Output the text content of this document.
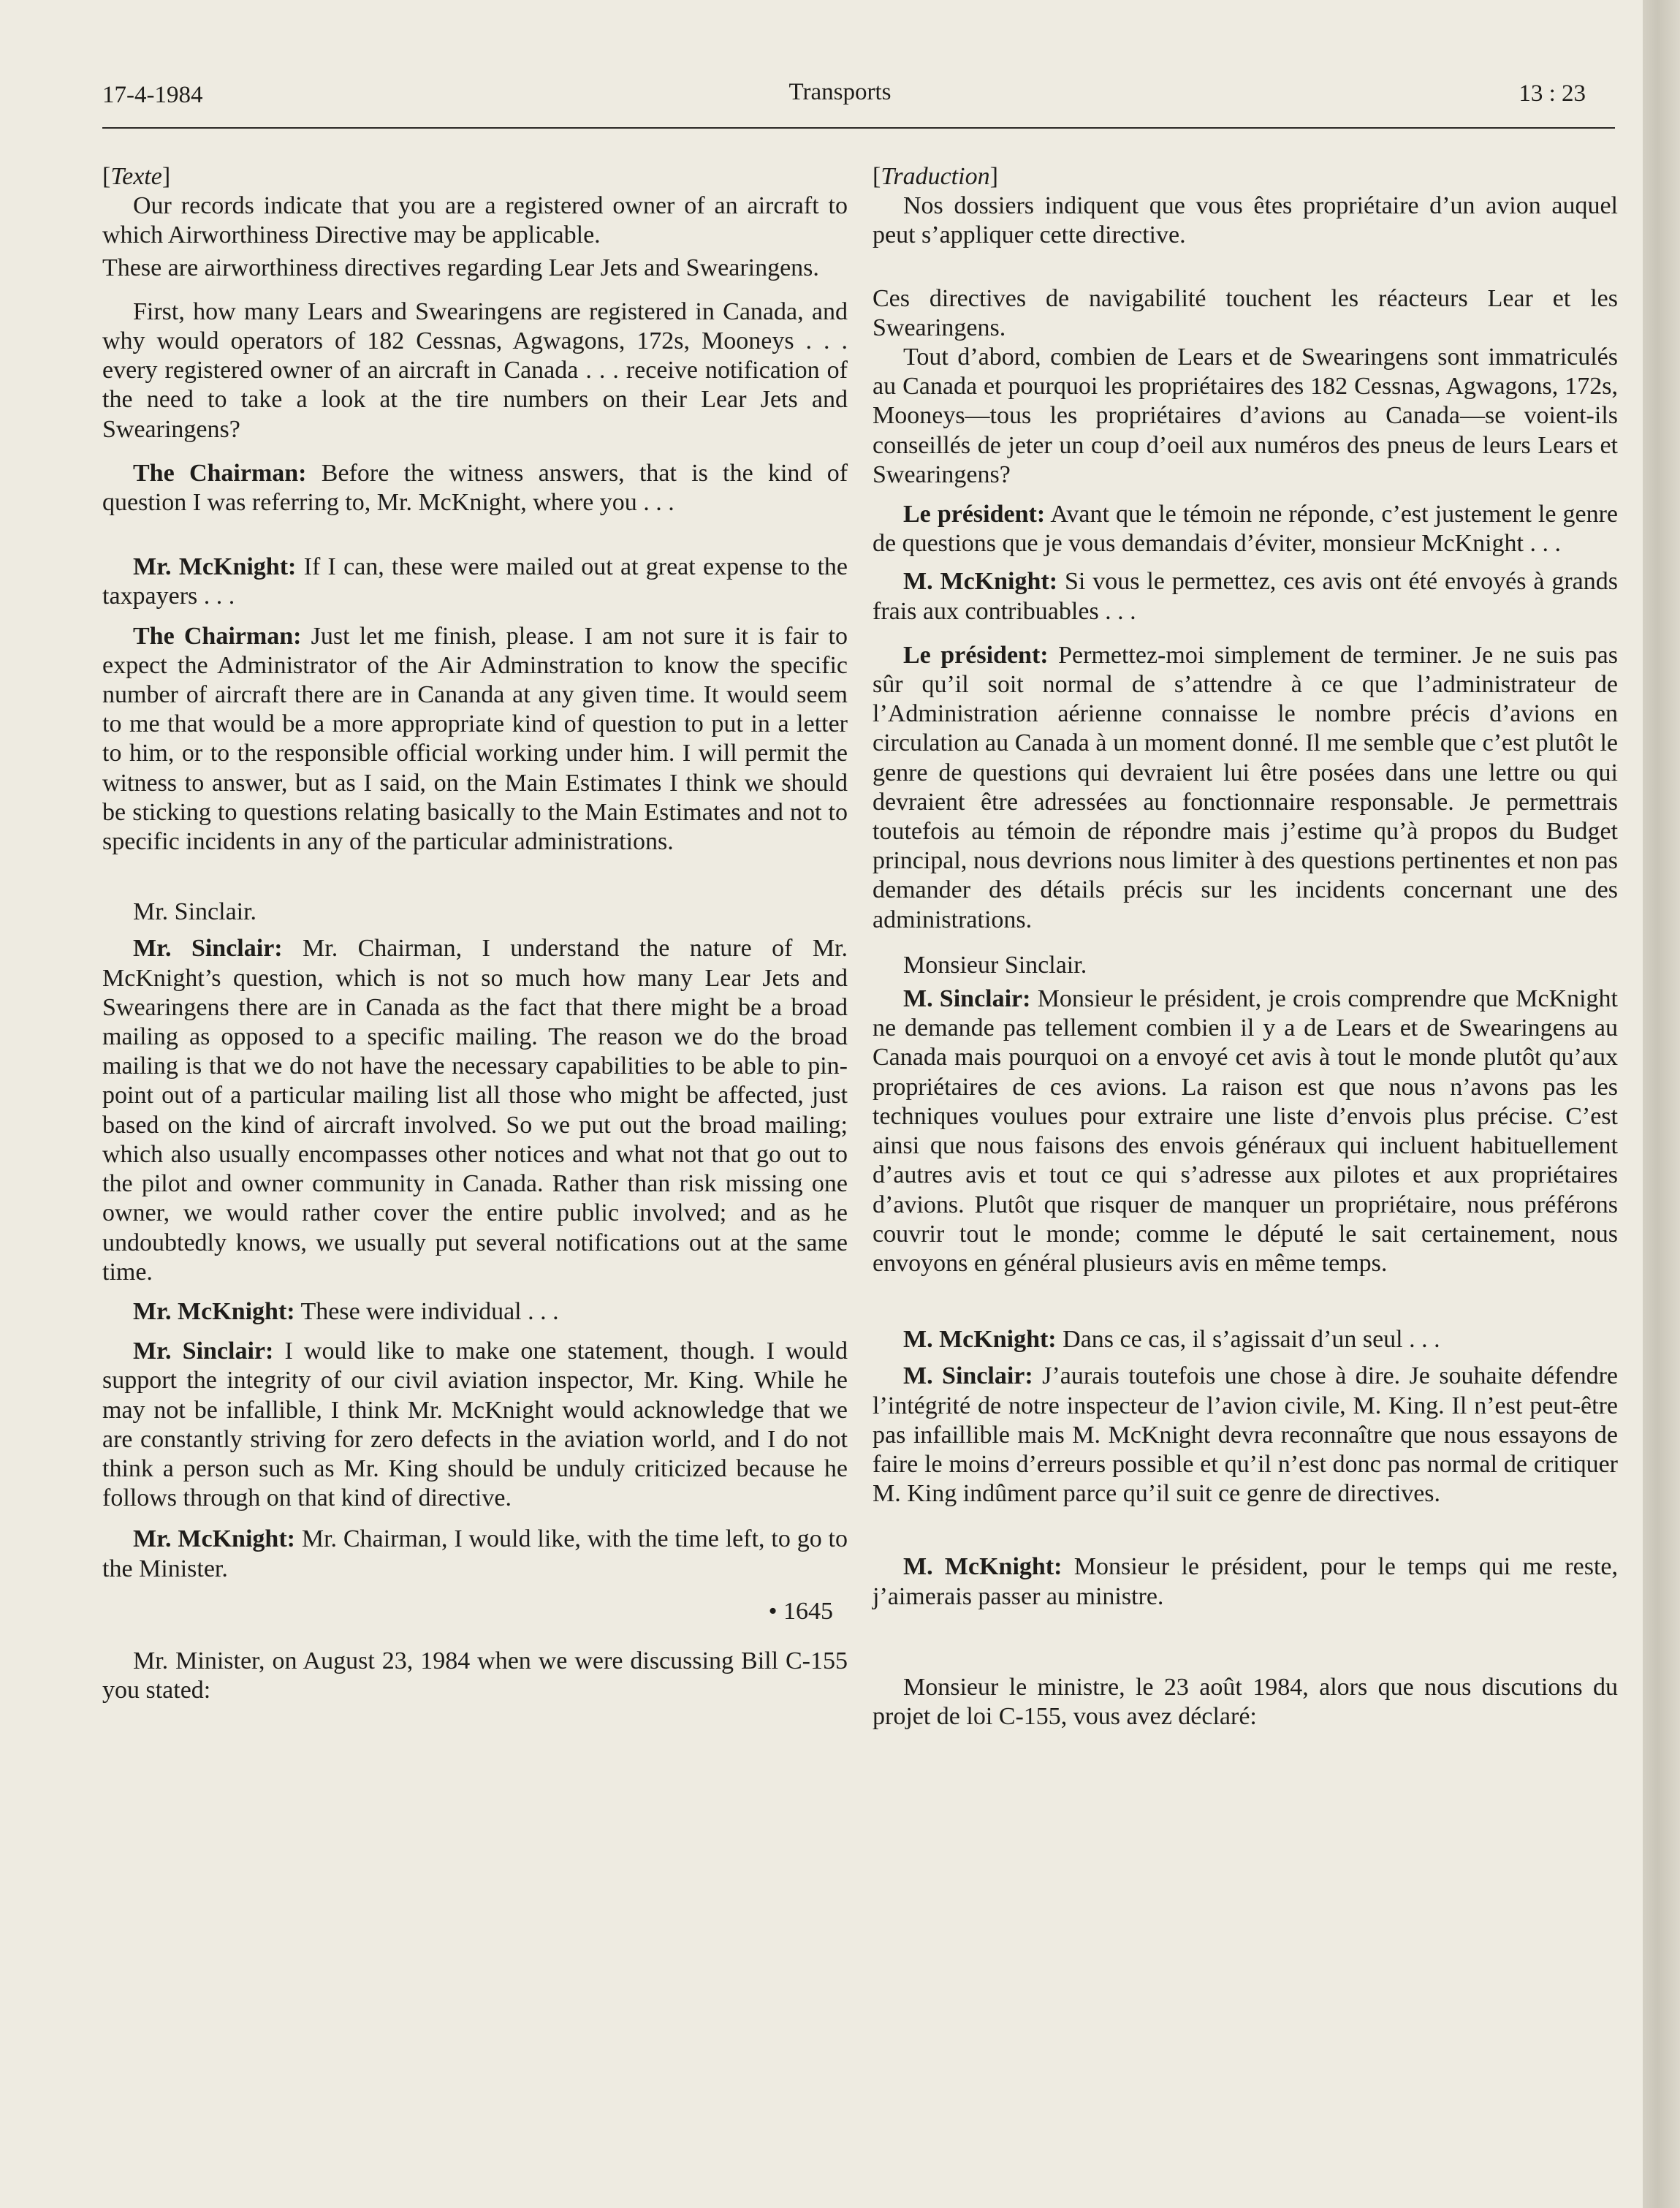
17-4-1984	Transports	13 : 23

[Texte]

Our records indicate that you are a registered owner of an aircraft to which Airworthiness Directive may be applicable.

These are airworthiness directives regarding Lear Jets and Swearingens.

First, how many Lears and Swearingens are registered in Canada, and why would operators of 182 Cessnas, Agwagons, 172s, Mooneys . . . every registered owner of an aircraft in Canada . . . receive notification of the need to take a look at the tire numbers on their Lear Jets and Swearingens?

The Chairman: Before the witness answers, that is the kind of question I was referring to, Mr. McKnight, where you . . .

Mr. McKnight: If I can, these were mailed out at great expense to the taxpayers . . .

The Chairman: Just let me finish, please. I am not sure it is fair to expect the Administrator of the Air Adminstration to know the specific number of aircraft there are in Cananda at any given time. It would seem to me that would be a more appropriate kind of question to put in a letter to him, or to the responsible official working under him. I will permit the witness to answer, but as I said, on the Main Estimates I think we should be sticking to questions relating basically to the Main Estimates and not to specific incidents in any of the particular administrations.

Mr. Sinclair.

Mr. Sinclair: Mr. Chairman, I understand the nature of Mr. McKnight’s question, which is not so much how many Lear Jets and Swearingens there are in Canada as the fact that there might be a broad mailing as opposed to a specific mailing. The reason we do the broad mailing is that we do not have the necessary capabilities to be able to pin-point out of a particular mailing list all those who might be affected, just based on the kind of aircraft involved. So we put out the broad mailing; which also usually encompasses other notices and what not that go out to the pilot and owner community in Canada. Rather than risk missing one owner, we would rather cover the entire public involved; and as he undoubtedly knows, we usually put several notifications out at the same time.

Mr. McKnight: These were individual . . .

Mr. Sinclair: I would like to make one statement, though. I would support the integrity of our civil aviation inspector, Mr. King. While he may not be infallible, I think Mr. McKnight would acknowledge that we are constantly striving for zero defects in the aviation world, and I do not think a person such as Mr. King should be unduly criticized because he follows through on that kind of directive.

Mr. McKnight: Mr. Chairman, I would like, with the time left, to go to the Minister.

• 1645

Mr. Minister, on August 23, 1984 when we were discussing Bill C-155 you stated:

[Traduction]

Nos dossiers indiquent que vous êtes propriétaire d’un avion auquel peut s’appliquer cette directive.

Ces directives de navigabilité touchent les réacteurs Lear et les Swearingens.

Tout d’abord, combien de Lears et de Swearingens sont immatriculés au Canada et pourquoi les propriétaires des 182 Cessnas, Agwagons, 172s, Mooneys—tous les propriétaires d’avions au Canada—se voient-ils conseillés de jeter un coup d’oeil aux numéros des pneus de leurs Lears et Swearingens?

Le président: Avant que le témoin ne réponde, c’est justement le genre de questions que je vous demandais d’éviter, monsieur McKnight . . .

M. McKnight: Si vous le permettez, ces avis ont été envoyés à grands frais aux contribuables . . .

Le président: Permettez-moi simplement de terminer. Je ne suis pas sûr qu’il soit normal de s’attendre à ce que l’administrateur de l’Administration aérienne connaisse le nombre précis d’avions en circulation au Canada à un moment donné. Il me semble que c’est plutôt le genre de questions qui devraient lui être posées dans une lettre ou qui devraient être adressées au fonctionnaire responsable. Je permettrais toutefois au témoin de répondre mais j’estime qu’à propos du Budget principal, nous devrions nous limiter à des questions pertinentes et non pas demander des détails précis sur les incidents concernant une des administrations.

Monsieur Sinclair.

M. Sinclair: Monsieur le président, je crois comprendre que McKnight ne demande pas tellement combien il y a de Lears et de Swearingens au Canada mais pourquoi on a envoyé cet avis à tout le monde plutôt qu’aux propriétaires de ces avions. La raison est que nous n’avons pas les techniques voulues pour extraire une liste d’envois plus précise. C’est ainsi que nous faisons des envois généraux qui incluent habituellement d’autres avis et tout ce qui s’adresse aux pilotes et aux propriétaires d’avions. Plutôt que risquer de manquer un propriétaire, nous préférons couvrir tout le monde; comme le député le sait certainement, nous envoyons en général plusieurs avis en même temps.

M. McKnight: Dans ce cas, il s’agissait d’un seul . . .

M. Sinclair: J’aurais toutefois une chose à dire. Je souhaite défendre l’intégrité de notre inspecteur de l’avion civile, M. King. Il n’est peut-être pas infaillible mais M. McKnight devra reconnaître que nous essayons de faire le moins d’erreurs possible et qu’il n’est donc pas normal de critiquer M. King indûment parce qu’il suit ce genre de directives.

M. McKnight: Monsieur le président, pour le temps qui me reste, j’aimerais passer au ministre.

Monsieur le ministre, le 23 août 1984, alors que nous discutions du projet de loi C-155, vous avez déclaré:
